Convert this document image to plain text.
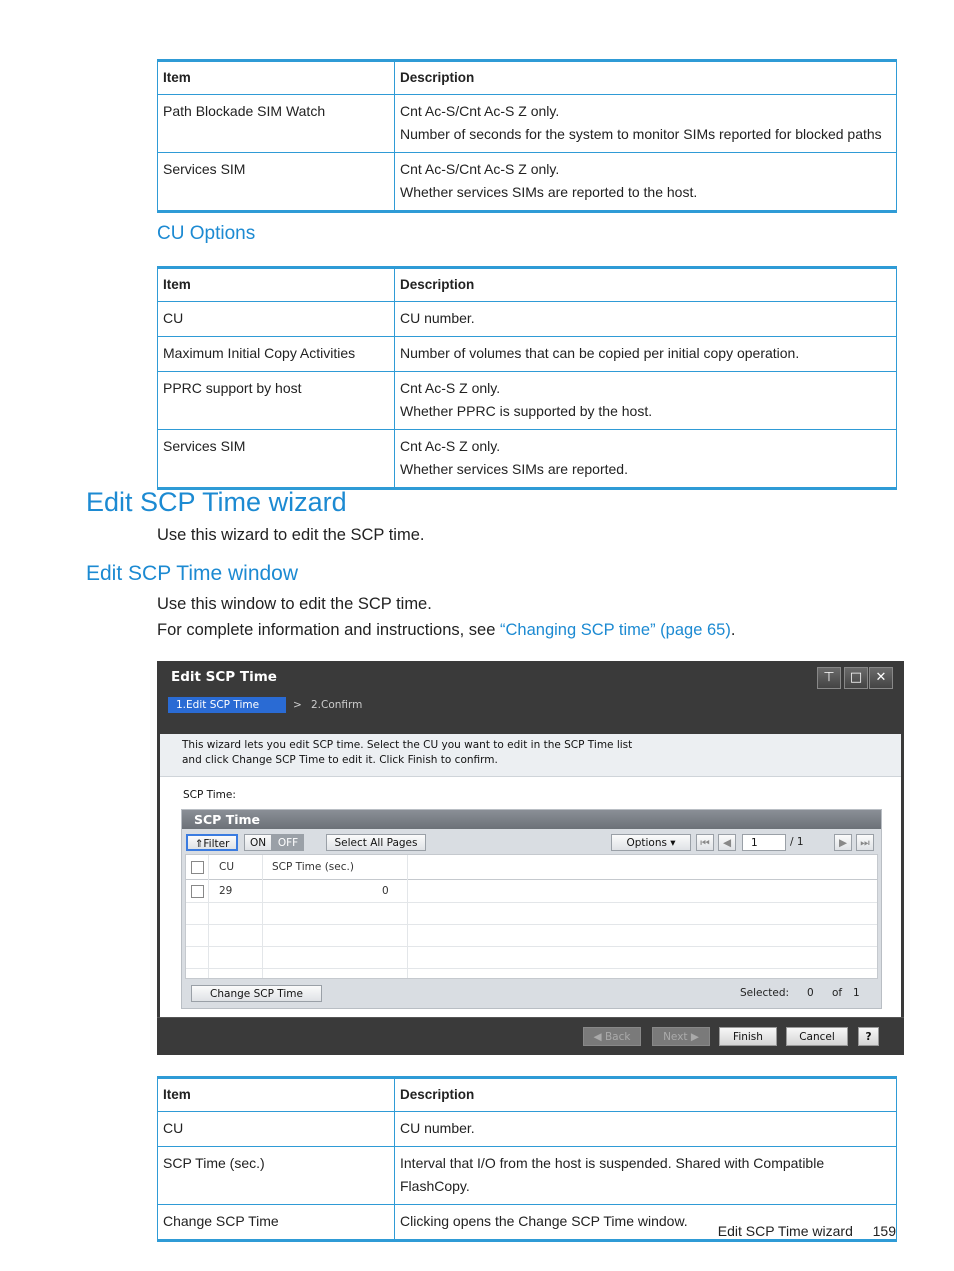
Item	Description
Path Blockade SIM Watch	Cnt Ac-S/Cnt Ac-S Z only.
Number of seconds for the system to monitor SIMs reported for blocked paths

Services SIM	Cnt Ac-S/Cnt Ac-S Z only.
Whether services SIMs are reported to the host.
CU Options
Item	Description
CU	CU number.
Maximum Initial Copy Activities	Number of volumes that can be copied per initial copy operation.
PPRC support by host	Cnt Ac-S Z only.
Whether PPRC is supported by the host.

Services SIM	Cnt Ac-S Z only.
Whether services SIMs are reported.
Edit SCP Time wizard
Use this wizard to edit the SCP time.
Edit SCP Time window
Use this window to edit the SCP time.
For complete information and instructions, see “Changing SCP time” (page 65).
Edit SCP Time	⊤	□	✕
1.Edit SCP Time	> 2.Confirm
This wizard lets you edit SCP time. Select the CU you want to edit in the SCP Time list
and click Change SCP Time to edit it. Click Finish to confirm.
SCP Time:
SCP Time
⇑Filter	ON	OFF	Select All Pages	Options ▾	⏮	◀	1	/ 1	▶	⏭
CU	SCP Time (sec.)
29	0
Change SCP Time	Selected: 0 of 1
◀ Back	Next ▶	Finish	Cancel	?
Item	Description
CU	CU number.
SCP Time (sec.)	Interval that I/O from the host is suspended. Shared with Compatible FlashCopy.
Change SCP Time	Clicking opens the Change SCP Time window.
Edit SCP Time wizard 159
